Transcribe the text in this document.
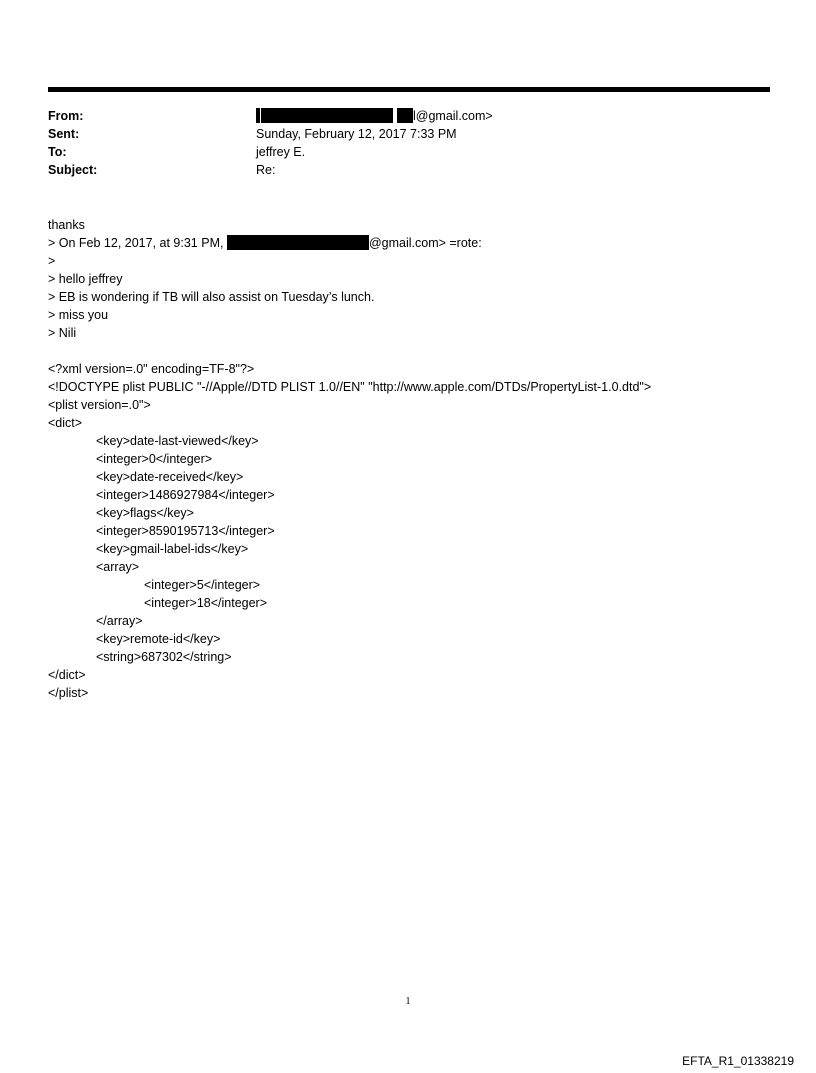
From:	l@gmail.com>
Sent:	Sunday, February 12, 2017 7:33 PM
To:	jeffrey E.
Subject:	Re:
thanks
> On Feb 12, 2017, at 9:31 PM,	@gmail.com> =rote:
>
> hello jeffrey
> EB is wondering if TB will also assist on Tuesday’s lunch.
> miss you
> Nili
<?xml version=.0" encoding=TF-8"?>
<!DOCTYPE plist PUBLIC "-//Apple//DTD PLIST 1.0//EN" "http://www.apple.com/DTDs/PropertyList-1.0.dtd">
<plist version=.0">
<dict>
<key>date-last-viewed</key>
<integer>0</integer>
<key>date-received</key>
<integer>1486927984</integer>
<key>flags</key>
<integer>8590195713</integer>
<key>gmail-label-ids</key>
<array>
<integer>5</integer>
<integer>18</integer>
</array>
<key>remote-id</key>
<string>687302</string>
</dict>
</plist>
1
EFTA_R1_01338219
